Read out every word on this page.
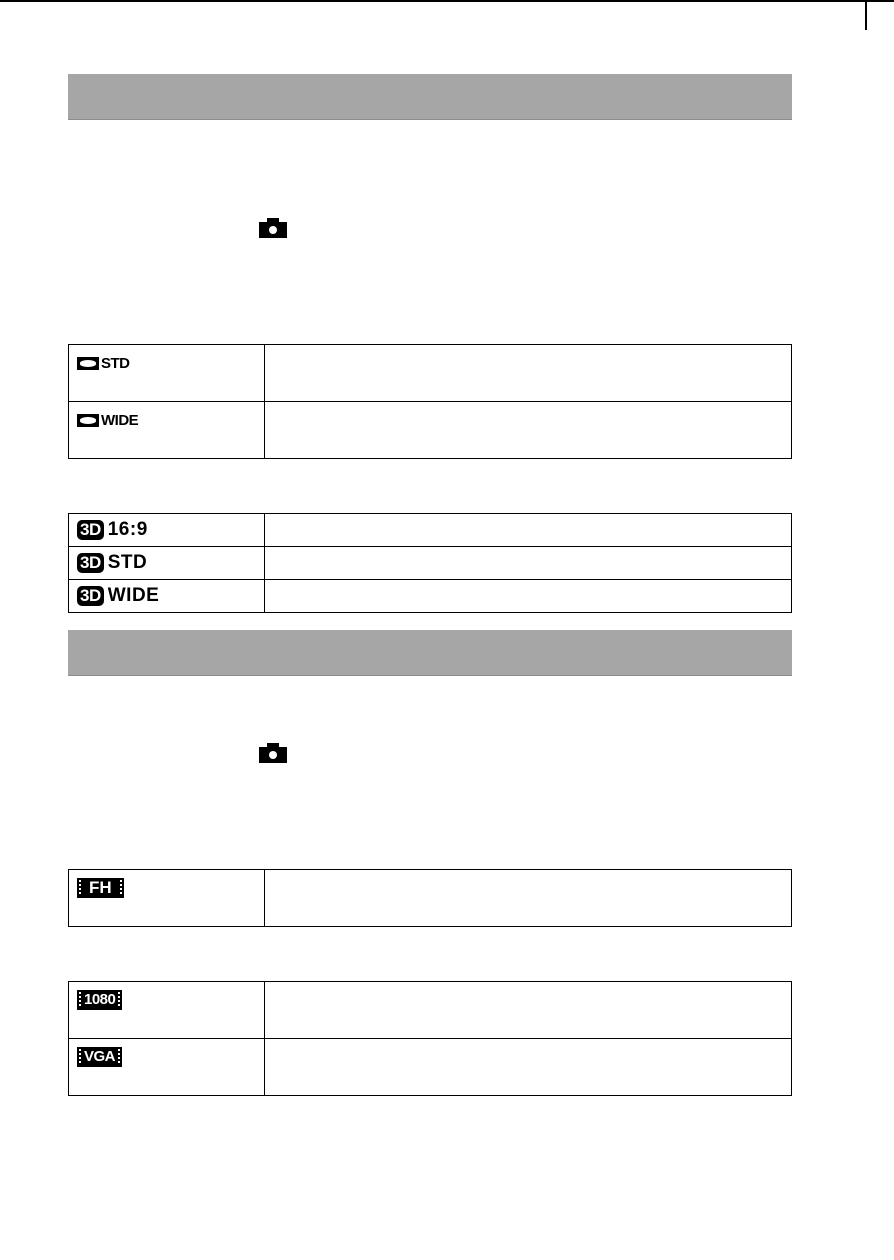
STD	

WIDE	

3D 16:9	

3D STD	

3D WIDE	

FH

1080	

VGA	
